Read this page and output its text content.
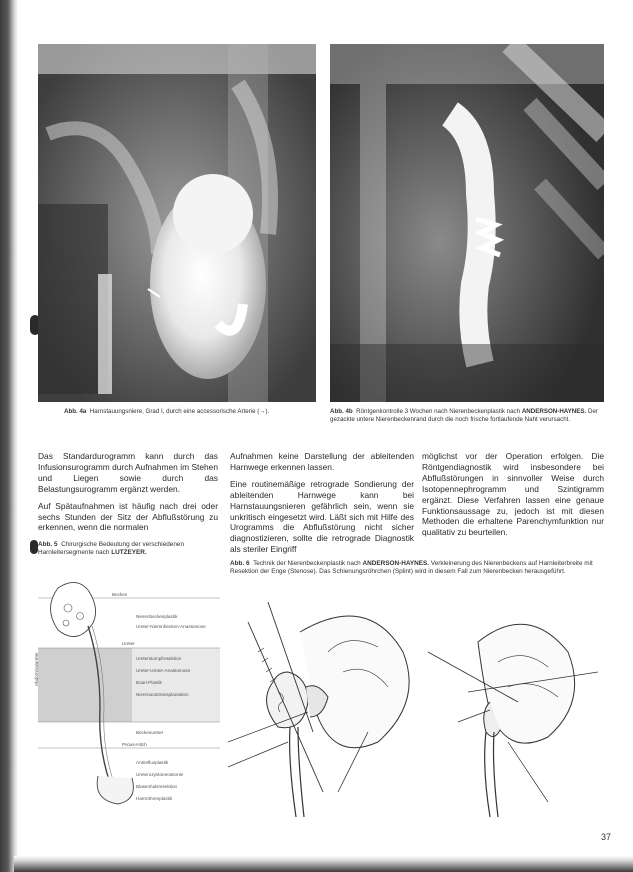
Abb. 4a Harnstauungsniere, Grad I, durch eine accessorische Arterie (→).	Abb. 4b Röntgenkontrolle 3 Wochen nach Nierenbeckenplastik nach ANDERSON-HAYNES. Der gezackte untere Nierenbeckenrand durch die noch frische fortlaufende Naht verursacht.

Das Standardurogramm kann durch das Infusionsurogramm durch Aufnahmen im Stehen und Liegen sowie durch das Belastungsurogramm ergänzt werden.

Auf Spätaufnahmen ist häufig nach drei oder sechs Stunden der Sitz der Abflußstörung zu erkennen, wenn die normalen

Aufnahmen keine Darstellung der ableitenden Harnwege erkennen lassen.

Eine routinemäßige retrograde Sondierung der ableitenden Harnwege kann bei Harnstauungsnieren gefährlich sein, wenn sie unkritisch eingesetzt wird. Läßt sich mit Hilfe des Urogramms die Abflußstörung nicht sicher diagnostizieren, sollte die retrograde Diagnostik als steriler Eingriff

möglichst vor der Operation erfolgen. Die Röntgendiagnostik wird insbesondere bei Abflußstörungen in sinnvoller Weise durch Isotopennephrogramm und Szintigramm ergänzt. Diese Verfahren lassen eine genaue Funktionsaussage zu, jedoch ist mit diesen Methoden die erhaltene Parenchymfunktion nur qualitativ zu beurteilen.

Abb. 5 Chirurgische Bedeutung der verschiedenen Harnleitersegmente nach LUTZEYER.
Abb. 6 Technik der Nierenbeckenplastik nach ANDERSON-HAYNES. Verkleinerung des Nierenbeckens auf Harnleiterbreite mit Resektion der Enge (Stenose). Das Schienungsröhrchen (Splint) wird in diesem Fall zum Nierenbecken herausgeführt.
Becken
Nierenbeckenplastik
Ureter-Nierenbecken-Anastomose
Ureter
Abdominalureter	Ureterstumpfresektion
Ureter-Ureter-Anastomose
Boari-Plastik
Nierenautotransplantation
Beckenureter
Psoas-Hitch
Antirefluxplastik
Ureterozystoneostomie
Blasenhalsresektion
Harnröhrenplastik
37
